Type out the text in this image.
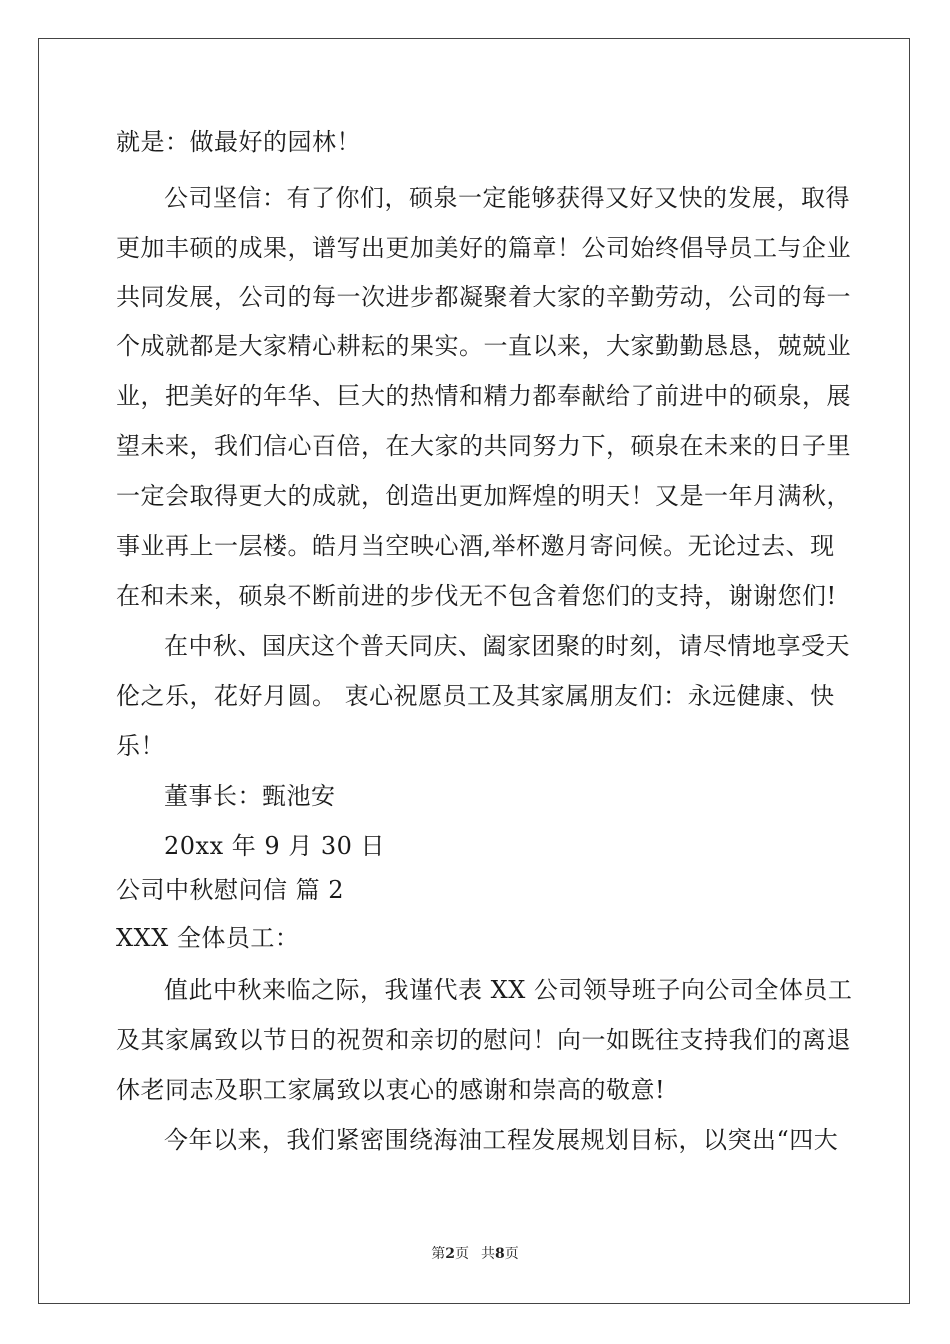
就是：做最好的园林！
公司坚信：有了你们，硕泉一定能够获得又好又快的发展，取得
更加丰硕的成果，谱写出更加美好的篇章！公司始终倡导员工与企业
共同发展，公司的每一次进步都凝聚着大家的辛勤劳动，公司的每一
个成就都是大家精心耕耘的果实。一直以来，大家勤勤恳恳，兢兢业
业，把美好的年华、巨大的热情和精力都奉献给了前进中的硕泉，展
望未来，我们信心百倍，在大家的共同努力下，硕泉在未来的日子里
一定会取得更大的成就，创造出更加辉煌的明天！又是一年月满秋，
事业再上一层楼。皓月当空映心酒,举杯邀月寄问候。无论过去、现
在和未来，硕泉不断前进的步伐无不包含着您们的支持，谢谢您们!
在中秋、国庆这个普天同庆、阖家团聚的时刻，请尽情地享受天
伦之乐，花好月圆。 衷心祝愿员工及其家属朋友们：永远健康、快
乐！
董事长：甄池安
20xx 年 9 月 30 日
公司中秋慰问信 篇 2
XXX 全体员工：
值此中秋来临之际，我谨代表 XX 公司领导班子向公司全体员工
及其家属致以节日的祝贺和亲切的慰问！向一如既往支持我们的离退
休老同志及职工家属致以衷心的感谢和崇高的敬意!
今年以来，我们紧密围绕海油工程发展规划目标，以突出“四大
第2页 共8页
